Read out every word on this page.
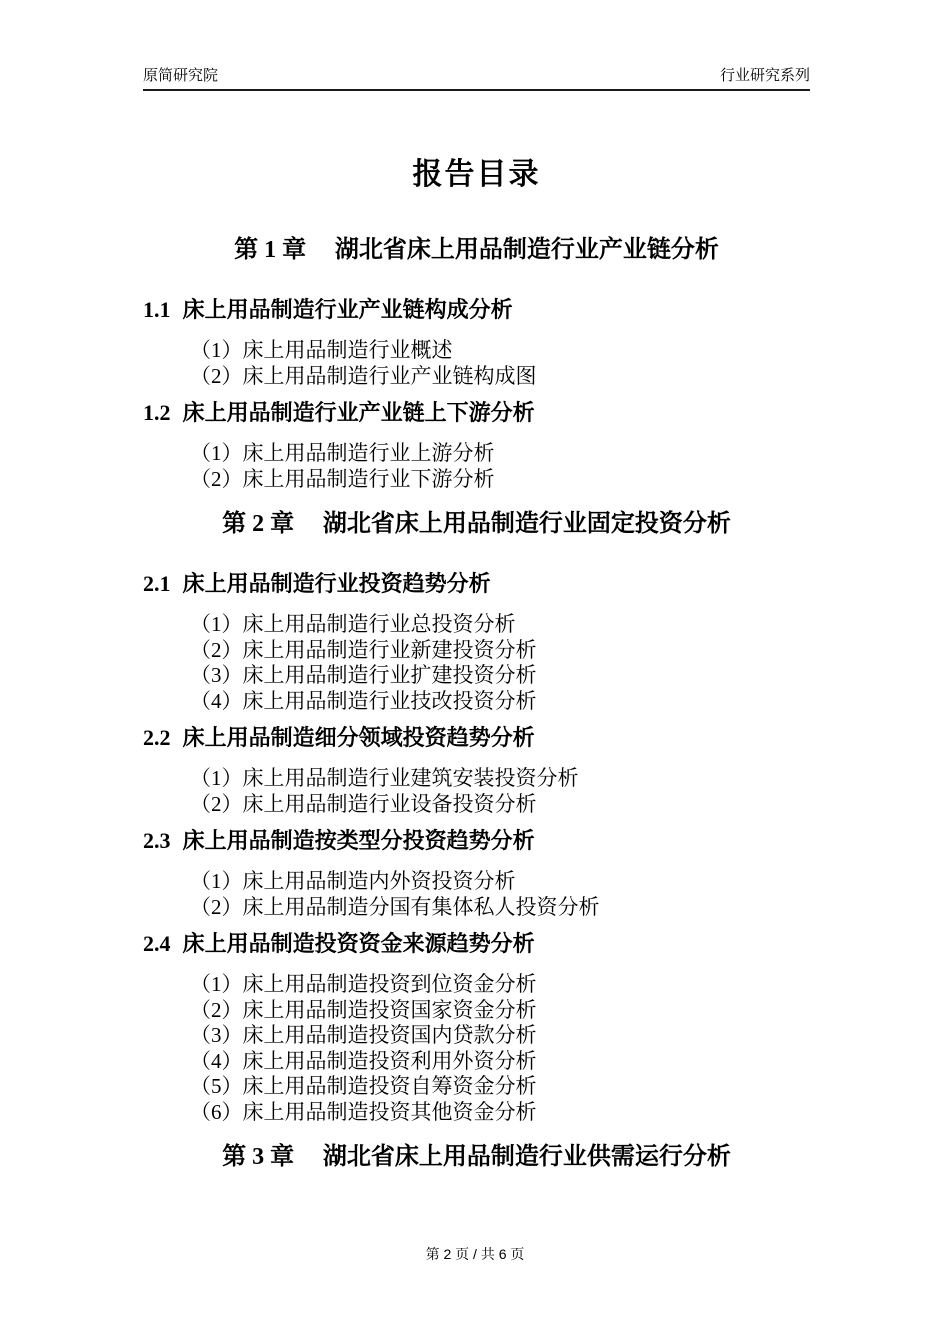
原简研究院	行业研究系列
报告目录
第 1 章 湖北省床上用品制造行业产业链分析
1.1 床上用品制造行业产业链构成分析
（1）床上用品制造行业概述
（2）床上用品制造行业产业链构成图
1.2 床上用品制造行业产业链上下游分析
（1）床上用品制造行业上游分析
（2）床上用品制造行业下游分析
第 2 章 湖北省床上用品制造行业固定投资分析
2.1 床上用品制造行业投资趋势分析
（1）床上用品制造行业总投资分析
（2）床上用品制造行业新建投资分析
（3）床上用品制造行业扩建投资分析
（4）床上用品制造行业技改投资分析
2.2 床上用品制造细分领域投资趋势分析
（1）床上用品制造行业建筑安装投资分析
（2）床上用品制造行业设备投资分析
2.3 床上用品制造按类型分投资趋势分析
（1）床上用品制造内外资投资分析
（2）床上用品制造分国有集体私人投资分析
2.4 床上用品制造投资资金来源趋势分析
（1）床上用品制造投资到位资金分析
（2）床上用品制造投资国家资金分析
（3）床上用品制造投资国内贷款分析
（4）床上用品制造投资利用外资分析
（5）床上用品制造投资自筹资金分析
（6）床上用品制造投资其他资金分析
第 3 章 湖北省床上用品制造行业供需运行分析
第 2 页 / 共 6 页
